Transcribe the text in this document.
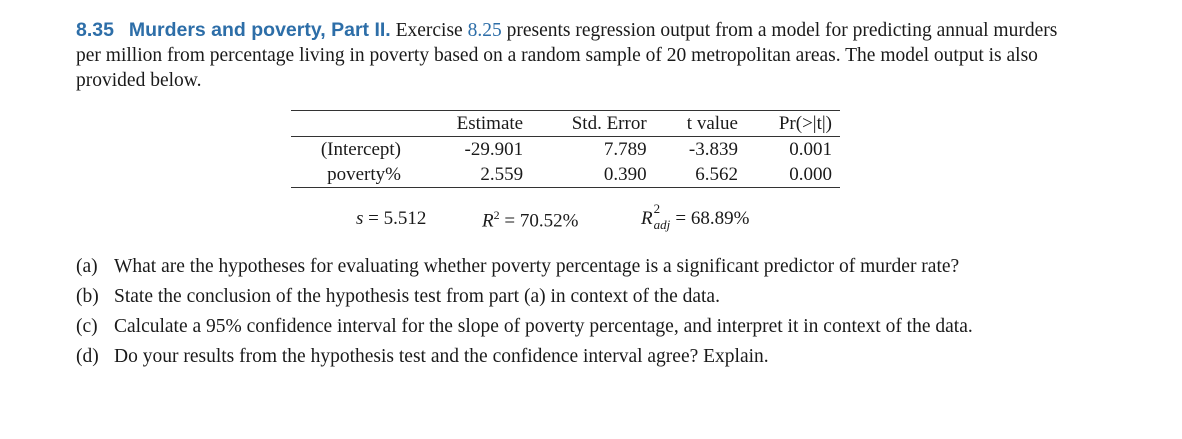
8.35 Murders and poverty, Part II. Exercise 8.25 presents regression output from a model for predicting annual murders per million from percentage living in poverty based on a random sample of 20 metropolitan areas. The model output is also provided below.
	Estimate	Std. Error	t value	Pr(>|t|)
(Intercept)	-29.901	7.789	-3.839	0.001
poverty%	2.559	0.390	6.562	0.000
s = 5.512	$R^2 = 70.52\%$	R 2
adj = 68.89%
(a) What are the hypotheses for evaluating whether poverty percentage is a significant predictor of murder rate?
(b) State the conclusion of the hypothesis test from part (a) in context of the data.
(c) Calculate a 95% confidence interval for the slope of poverty percentage, and interpret it in context of the data.
(d) Do your results from the hypothesis test and the confidence interval agree? Explain.
